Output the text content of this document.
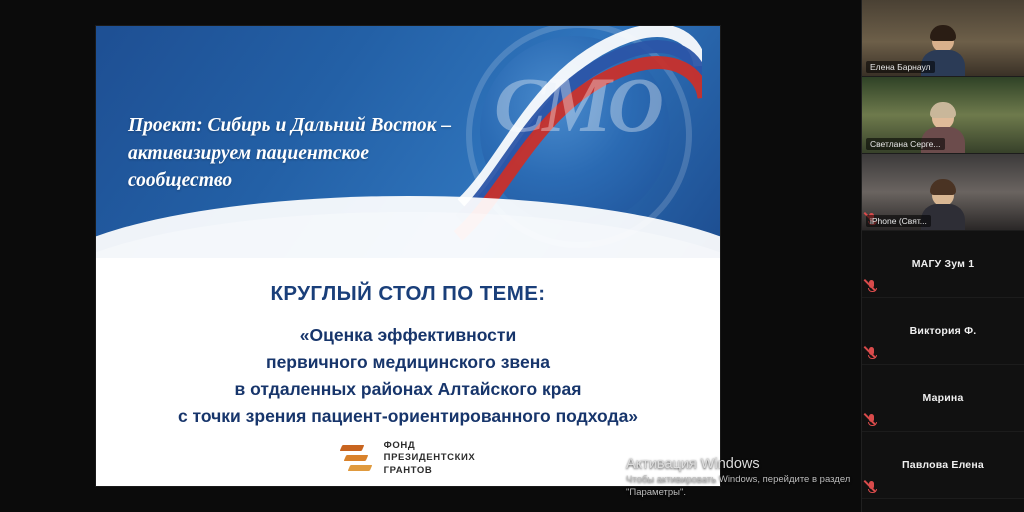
СМО
Проект: Сибирь и Дальний Восток – активизируем пациентское сообщество
КРУГЛЫЙ СТОЛ ПО ТЕМЕ:
«Оценка эффективности
первичного медицинского звена
в отдаленных районах Алтайского края
с точки зрения пациент-ориентированного подхода»
ФОНД
ПРЕЗИДЕНТСКИХ
ГРАНТОВ
Елена Барнаул
Светлана Серге...
iPhone (Свят...
МАГУ Зум 1
Виктория Ф.
Марина
Павлова Елена
Активация Windows
Чтобы активировать Windows, перейдите в раздел
"Параметры".
